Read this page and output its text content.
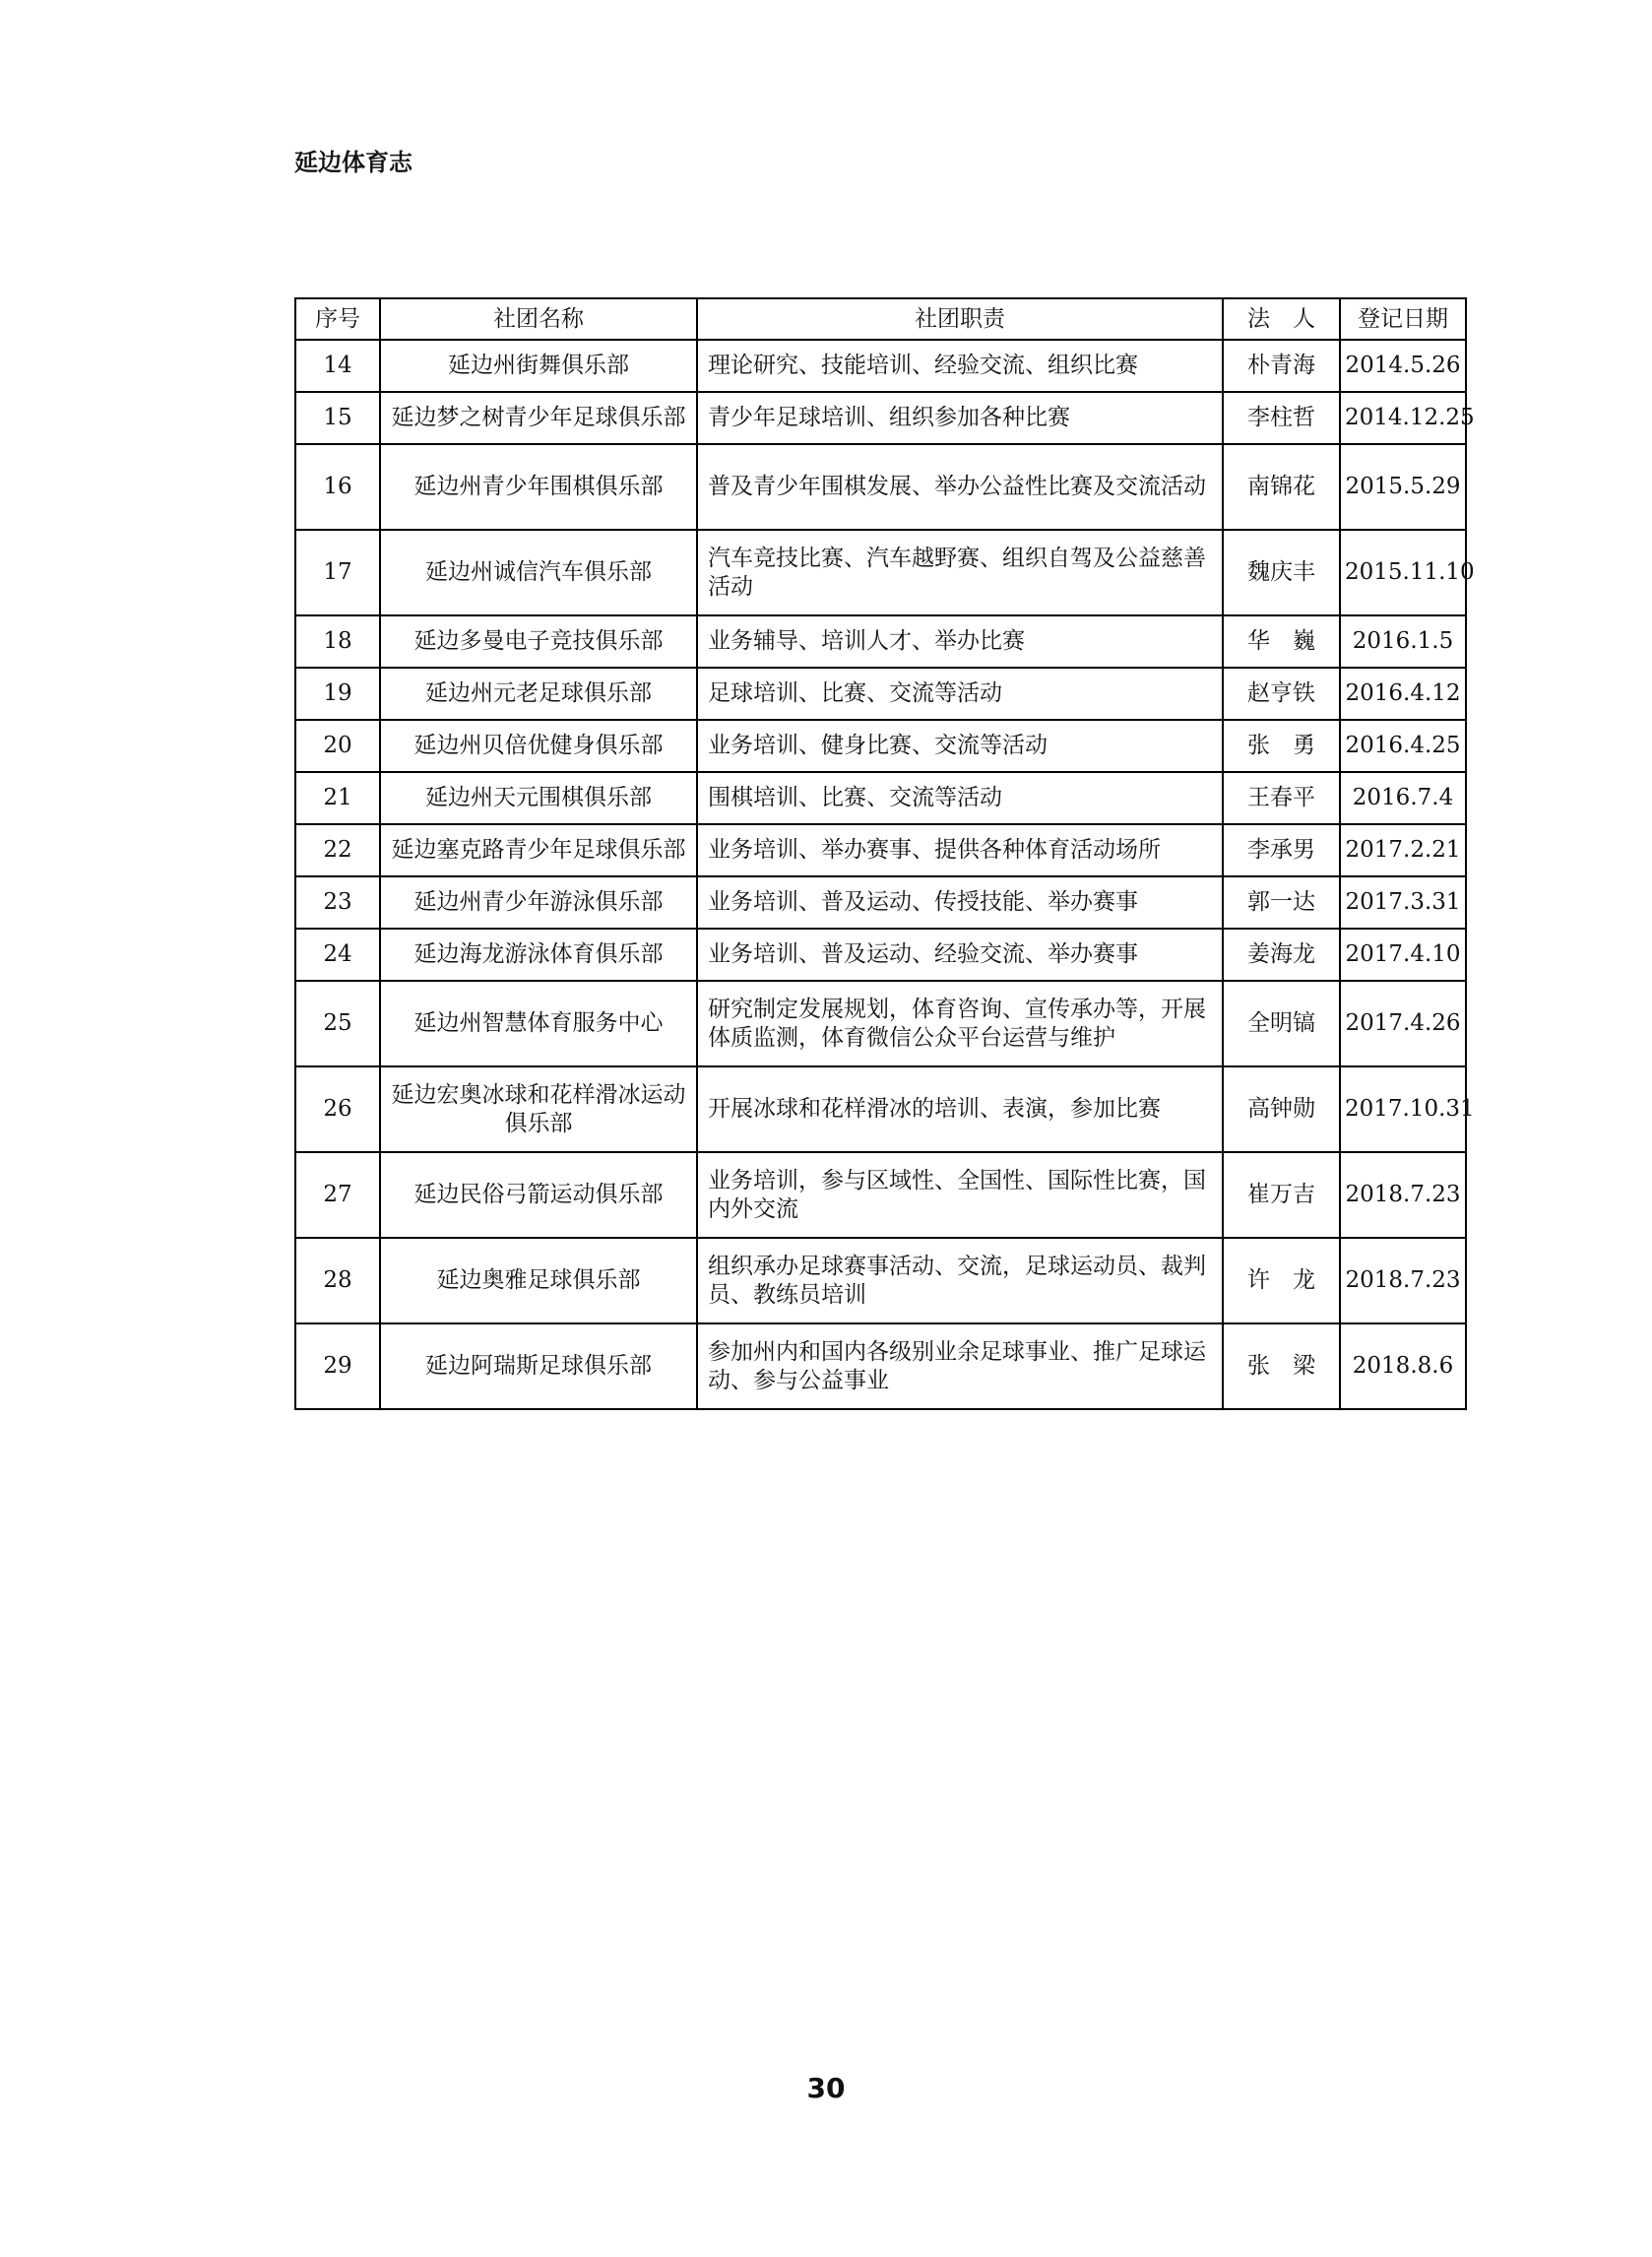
延边体育志
序号	社团名称	社团职责	法　人	登记日期
14	延边州街舞俱乐部	理论研究、技能培训、经验交流、组织比赛	朴青海	2014.5.26
15	延边梦之树青少年足球俱乐部	青少年足球培训、组织参加各种比赛	李柱哲	2014.12.25
16	延边州青少年围棋俱乐部	普及青少年围棋发展、举办公益性比赛及交流活动	南锦花	2015.5.29
17	延边州诚信汽车俱乐部	汽车竞技比赛、汽车越野赛、组织自驾及公益慈善活动	魏庆丰	2015.11.10
18	延边多曼电子竞技俱乐部	业务辅导、培训人才、举办比赛	华　巍	2016.1.5
19	延边州元老足球俱乐部	足球培训、比赛、交流等活动	赵亨铁	2016.4.12
20	延边州贝倍优健身俱乐部	业务培训、健身比赛、交流等活动	张　勇	2016.4.25
21	延边州天元围棋俱乐部	围棋培训、比赛、交流等活动	王春平	2016.7.4
22	延边塞克路青少年足球俱乐部	业务培训、举办赛事、提供各种体育活动场所	李承男	2017.2.21
23	延边州青少年游泳俱乐部	业务培训、普及运动、传授技能、举办赛事	郭一达	2017.3.31
24	延边海龙游泳体育俱乐部	业务培训、普及运动、经验交流、举办赛事	姜海龙	2017.4.10
25	延边州智慧体育服务中心	研究制定发展规划，体育咨询、宣传承办等，开展体质监测，体育微信公众平台运营与维护	全明镐	2017.4.26
26	延边宏奥冰球和花样滑冰运动俱乐部	开展冰球和花样滑冰的培训、表演，参加比赛	高钟勋	2017.10.31
27	延边民俗弓箭运动俱乐部	业务培训，参与区域性、全国性、国际性比赛，国内外交流	崔万吉	2018.7.23
28	延边奥雅足球俱乐部	组织承办足球赛事活动、交流，足球运动员、裁判员、教练员培训	许　龙	2018.7.23
29	延边阿瑞斯足球俱乐部	参加州内和国内各级别业余足球事业、推广足球运动、参与公益事业	张　梁	2018.8.6
30
